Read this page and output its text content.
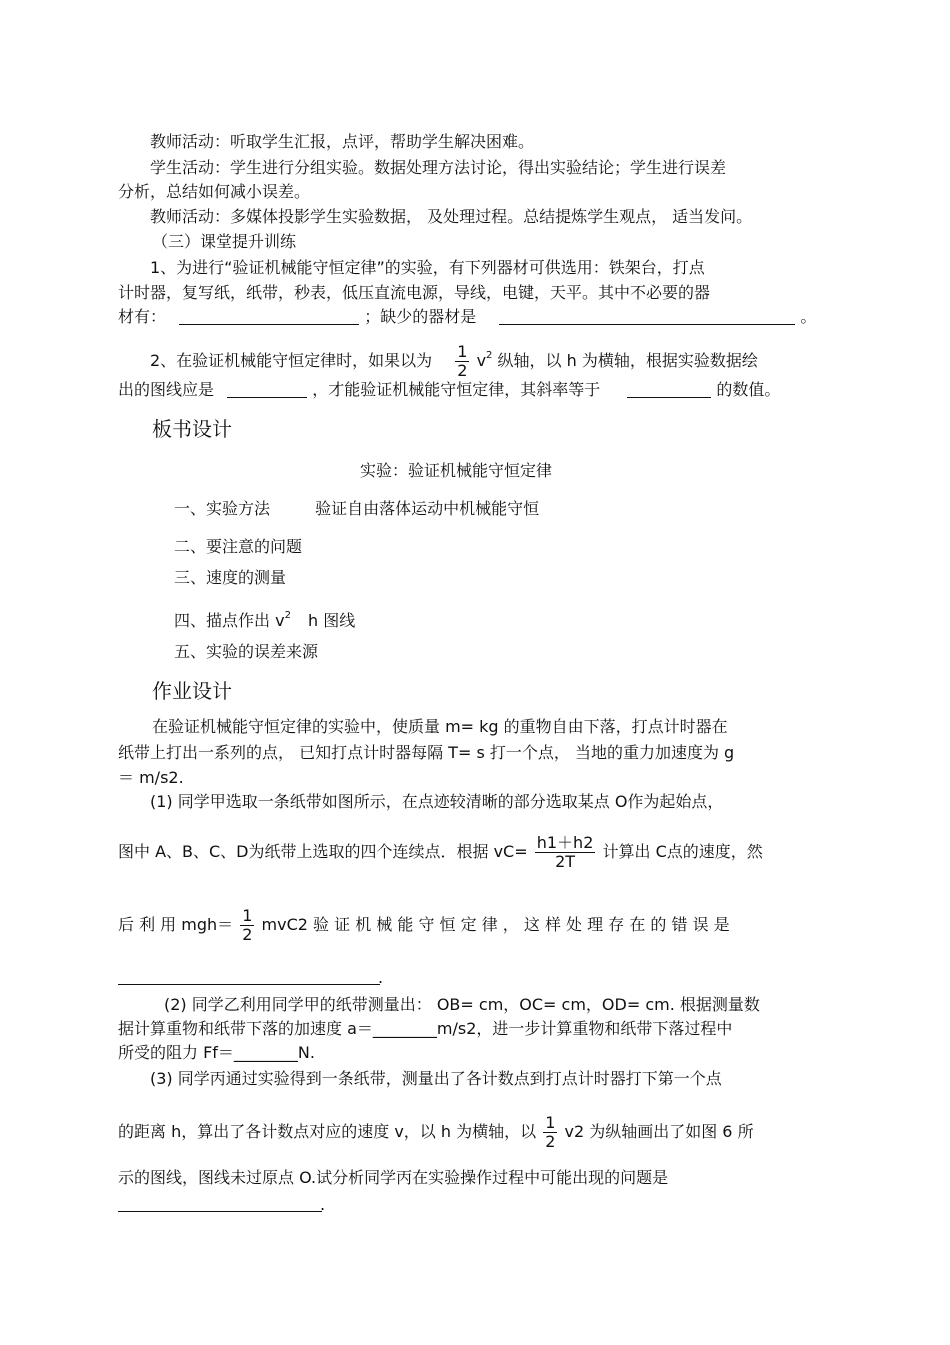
教师活动：听取学生汇报，点评，帮助学生解决困难。
学生活动：学生进行分组实验。数据处理方法讨论，得出实验结论；学生进行误差
分析，总结如何减小误差。
教师活动：多媒体投影学生实验数据， 及处理过程。总结提炼学生观点， 适当发问。
（三）课堂提升训练
1、为进行“验证机械能守恒定律”的实验，有下列器材可供选用：铁架台，打点
计时器，复写纸，纸带，秒表，低压直流电源，导线，电键，天平。其中不必要的器
材有：	；缺少的器材是	。
2、在验证机械能守恒定律时，如果以为 $\frac{1}{2} v^2$ 纵轴，以 h 为横轴，根据实验数据绘
出的图线应是	，才能验证机械能守恒定律，其斜率等于	的数值。
板书设计
实验：验证机械能守恒定律
一、实验方法	验证自由落体运动中机械能守恒
二、要注意的问题
三、速度的测量
四、描点作出 $v^2$ h 图线
五、实验的误差来源
作业设计
在验证机械能守恒定律的实验中，使质量 m= kg 的重物自由下落，打点计时器在
纸带上打出一系列的点， 已知打点计时器每隔 T= s 打一个点， 当地的重力加速度为 g
＝ m/s2.
(1) 同学甲选取一条纸带如图所示，在点迹较清晰的部分选取某点 O作为起始点，
图中 A、B、C、D为纸带上选取的四个连续点．根据 $vC= \frac{h1+h2}{2T}$ 计算出 C点的速度，然
后 利 用 $mgh= \frac{1}{2} mvC2$ 验 证 机 械 能 守 恒 定 律 ， 这 样 处 理 存 在 的 错 误 是
.
(2) 同学乙利用同学甲的纸带测量出： OB= cm，OC= cm，OD= cm. 根据测量数
据计算重物和纸带下落的加速度 a＝________m/s2，进一步计算重物和纸带下落过程中
所受的阻力 Ff＝________N.
(3) 同学丙通过实验得到一条纸带，测量出了各计数点到打点计时器打下第一个点
的距离 h，算出了各计数点对应的速度 v，以 h 为横轴，以 $\frac{1}{2} v2$ 为纵轴画出了如图 6 所
示的图线，图线未过原点 O.试分析同学丙在实验操作过程中可能出现的问题是
.
